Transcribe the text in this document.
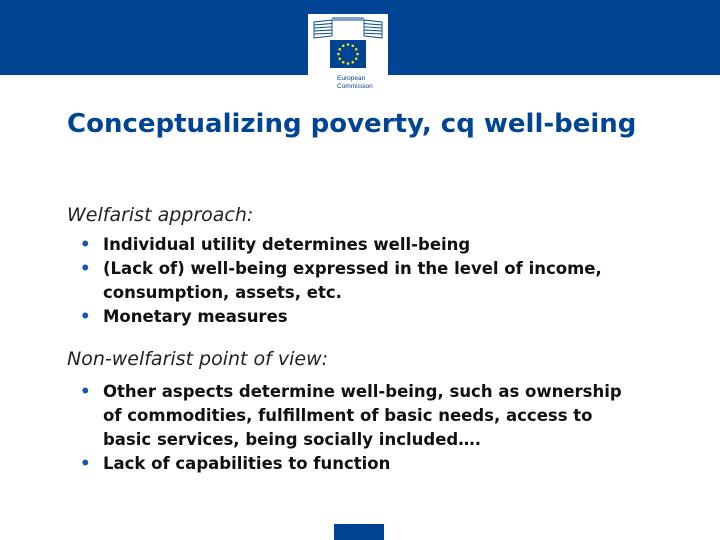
European
Commission
Conceptualizing poverty, cq well-being
Welfarist approach:
• Individual utility determines well-being
• (Lack of) well-being expressed in the level of income, consumption, assets, etc.
• Monetary measures
Non-welfarist point of view:
• Other aspects determine well-being, such as ownership of commodities, fulfillment of basic needs, access to basic services, being socially included….
• Lack of capabilities to function
